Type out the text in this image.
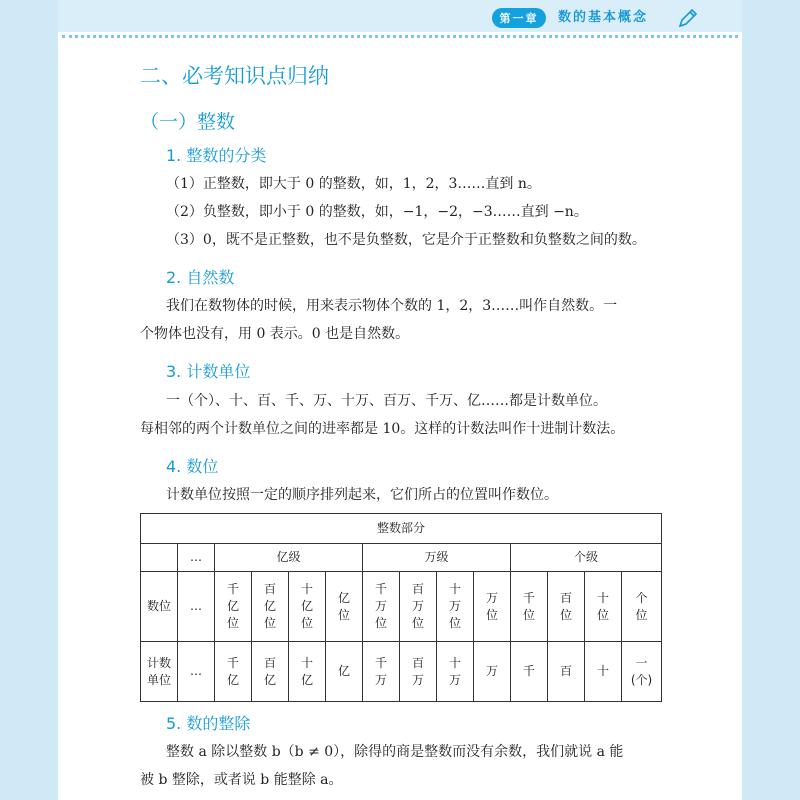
第一章	数的基本概念
二、必考知识点归纳
（一）整数
1. 整数的分类
（1）正整数，即大于 0 的整数，如，1，2，3……直到 n。
（2）负整数，即小于 0 的整数，如，−1，−2，−3……直到 −n。
（3）0，既不是正整数，也不是负整数，它是介于正整数和负整数之间的数。
2. 自然数
我们在数物体的时候，用来表示物体个数的 1，2，3……叫作自然数。一
个物体也没有，用 0 表示。0 也是自然数。
3. 计数单位
一（个）、十、百、千、万、十万、百万、千万、亿……都是计数单位。
每相邻的两个计数单位之间的进率都是 10。这样的计数法叫作十进制计数法。
4. 数位
计数单位按照一定的顺序排列起来，它们所占的位置叫作数位。
整数部分													
	…	亿级				万级				个级			
数位	…	千
亿
位	百
亿
位	十
亿
位	亿
位	千
万
位	百
万
位	十
万
位	万
位	千
位	百
位	十
位	个
位
计数
单位	…	千
亿	百
亿	十
亿	亿	千
万	百
万	十
万	万	千	百	十	一
(个)
5. 数的整除
整数 a 除以整数 b（b ≠ 0），除得的商是整数而没有余数，我们就说 a 能
被 b 整除，或者说 b 能整除 a。
